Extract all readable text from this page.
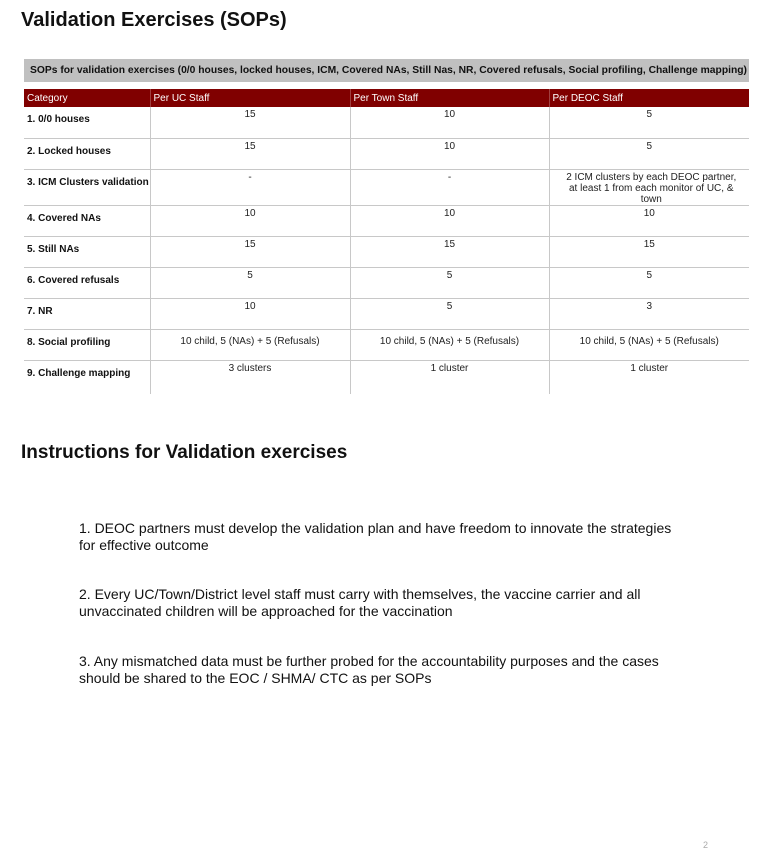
Validation Exercises (SOPs)
SOPs for validation exercises (0/0 houses, locked houses, ICM, Covered NAs, Still Nas, NR, Covered refusals, Social profiling, Challenge mapping)
Category	Per UC Staff	Per Town Staff	Per DEOC Staff
1. 0/0 houses	15	10	5
2. Locked houses	15	10	5
3. ICM Clusters validation	-	-	2 ICM clusters by each DEOC partner, at least 1 from each monitor of UC, & town
4. Covered NAs	10	10	10
5. Still NAs	15	15	15
6. Covered refusals	5	5	5
7. NR	10	5	3
8. Social profiling	10 child, 5 (NAs) + 5 (Refusals)	10 child, 5 (NAs) + 5 (Refusals)	10 child, 5 (NAs) + 5 (Refusals)
9. Challenge mapping	3 clusters	1 cluster	1 cluster
Instructions for Validation exercises

1. DEOC partners must develop the validation plan and have freedom to innovate the strategies for effective outcome

2. Every UC/Town/District level staff must carry with themselves, the vaccine carrier and all unvaccinated children will be approached for the vaccination

3. Any mismatched data must be further probed for the accountability purposes and the cases should be shared to the EOC / SHMA/ CTC as per SOPs

2
